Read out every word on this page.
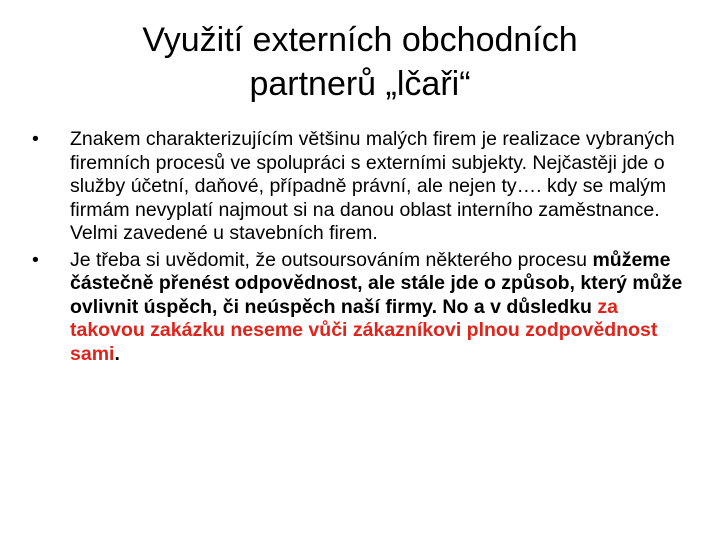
Využití externích obchodních
partnerů „lčaři“
•	Znakem charakterizujícím většinu malých firem je realizace vybraných firemních procesů ve spolupráci s externími subjekty. Nejčastěji jde o služby účetní, daňové, případně právní, ale nejen ty…. kdy se malým firmám nevyplatí najmout si na danou oblast interního zaměstnance. Velmi zavedené u stavebních firem.
•	Je třeba si uvědomit, že outsoursováním některého procesu můžeme částečně přenést odpovědnost, ale stále jde o způsob, který může ovlivnit úspěch, či neúspěch naší firmy. No a v důsledku za takovou zakázku neseme vůči zákazníkovi plnou zodpovědnost sami.
